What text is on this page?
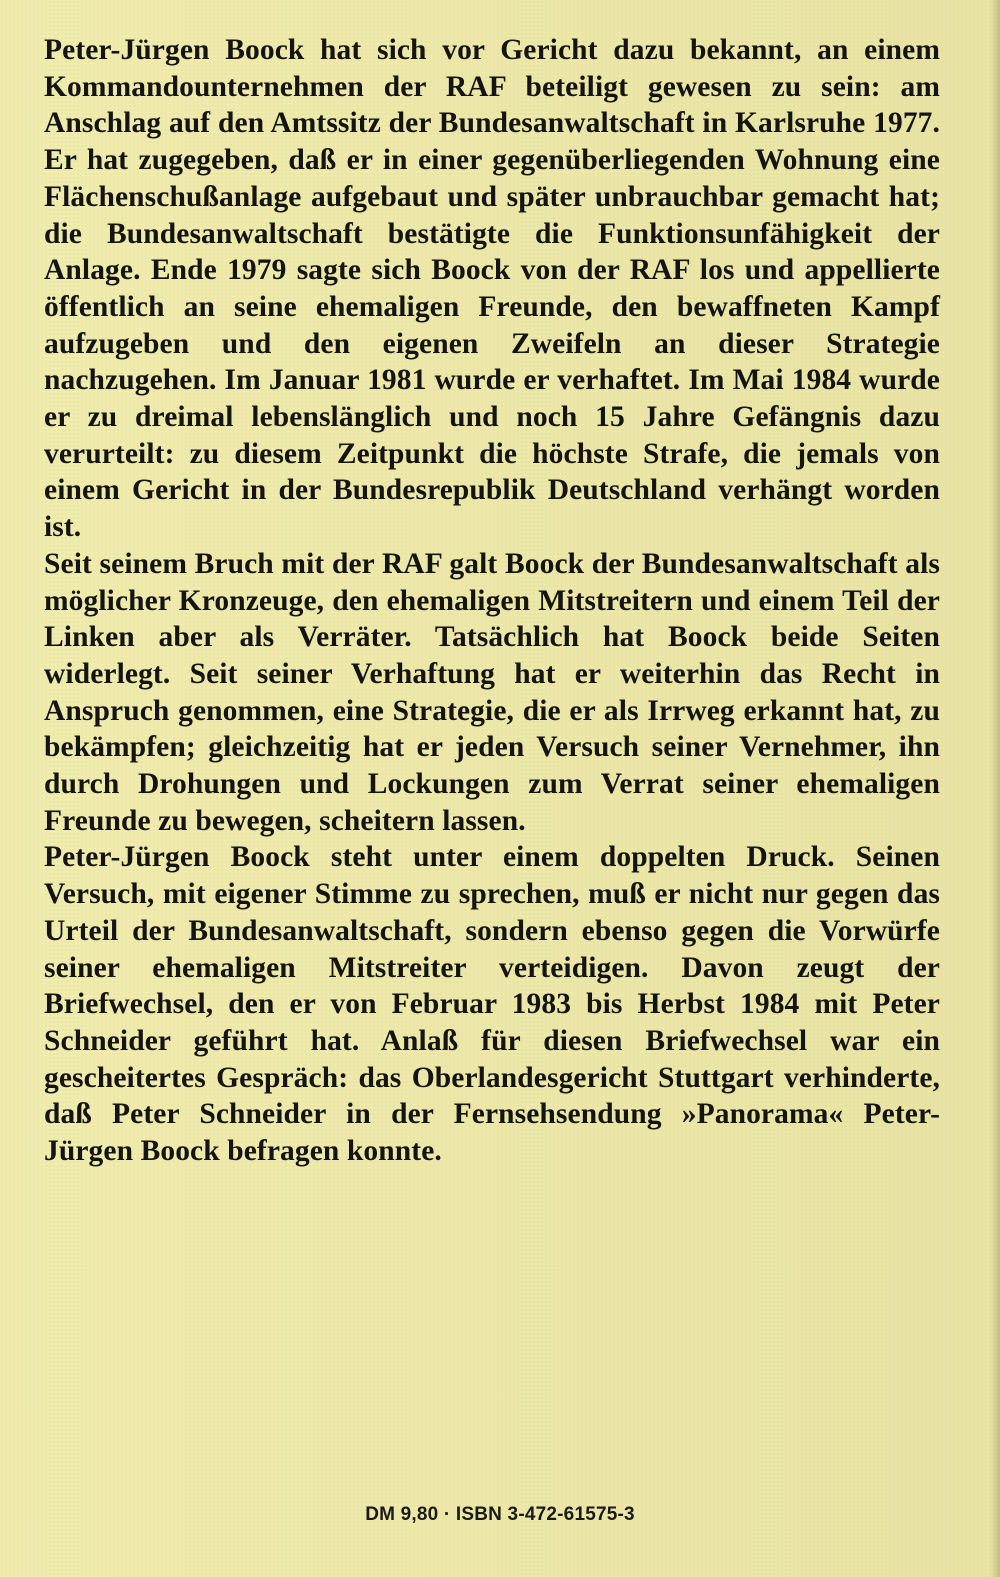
Peter-Jürgen Boock hat sich vor Gericht dazu bekannt, an einem Kommandounternehmen der RAF beteiligt gewesen zu sein: am Anschlag auf den Amtssitz der Bundesanwaltschaft in Karlsruhe 1977. Er hat zugegeben, daß er in einer gegenüberliegenden Wohnung eine Flächenschußanlage aufgebaut und später unbrauchbar gemacht hat; die Bundesanwaltschaft bestätigte die Funktionsunfähigkeit der Anlage. Ende 1979 sagte sich Boock von der RAF los und appellierte öffentlich an seine ehemaligen Freunde, den bewaffneten Kampf aufzugeben und den eigenen Zweifeln an dieser Strategie nachzugehen. Im Januar 1981 wurde er verhaftet. Im Mai 1984 wurde er zu dreimal lebenslänglich und noch 15 Jahre Gefängnis dazu verurteilt: zu diesem Zeitpunkt die höchste Strafe, die jemals von einem Gericht in der Bundesrepublik Deutschland verhängt worden ist.

Seit seinem Bruch mit der RAF galt Boock der Bundesanwaltschaft als möglicher Kronzeuge, den ehemaligen Mitstreitern und einem Teil der Linken aber als Verräter. Tatsächlich hat Boock beide Seiten widerlegt. Seit seiner Verhaftung hat er weiterhin das Recht in Anspruch genommen, eine Strategie, die er als Irrweg erkannt hat, zu bekämpfen; gleichzeitig hat er jeden Versuch seiner Vernehmer, ihn durch Drohungen und Lockungen zum Verrat seiner ehemaligen Freunde zu bewegen, scheitern lassen.

Peter-Jürgen Boock steht unter einem doppelten Druck. Seinen Versuch, mit eigener Stimme zu sprechen, muß er nicht nur gegen das Urteil der Bundesanwaltschaft, sondern ebenso gegen die Vorwürfe seiner ehemaligen Mitstreiter verteidigen. Davon zeugt der Briefwechsel, den er von Februar 1983 bis Herbst 1984 mit Peter Schneider geführt hat. Anlaß für diesen Briefwechsel war ein gescheitertes Gespräch: das Oberlandesgericht Stuttgart verhinderte, daß Peter Schneider in der Fernsehsendung »Panorama« Peter-Jürgen Boock befragen konnte.

DM 9,80 · ISBN 3-472-61575-3
